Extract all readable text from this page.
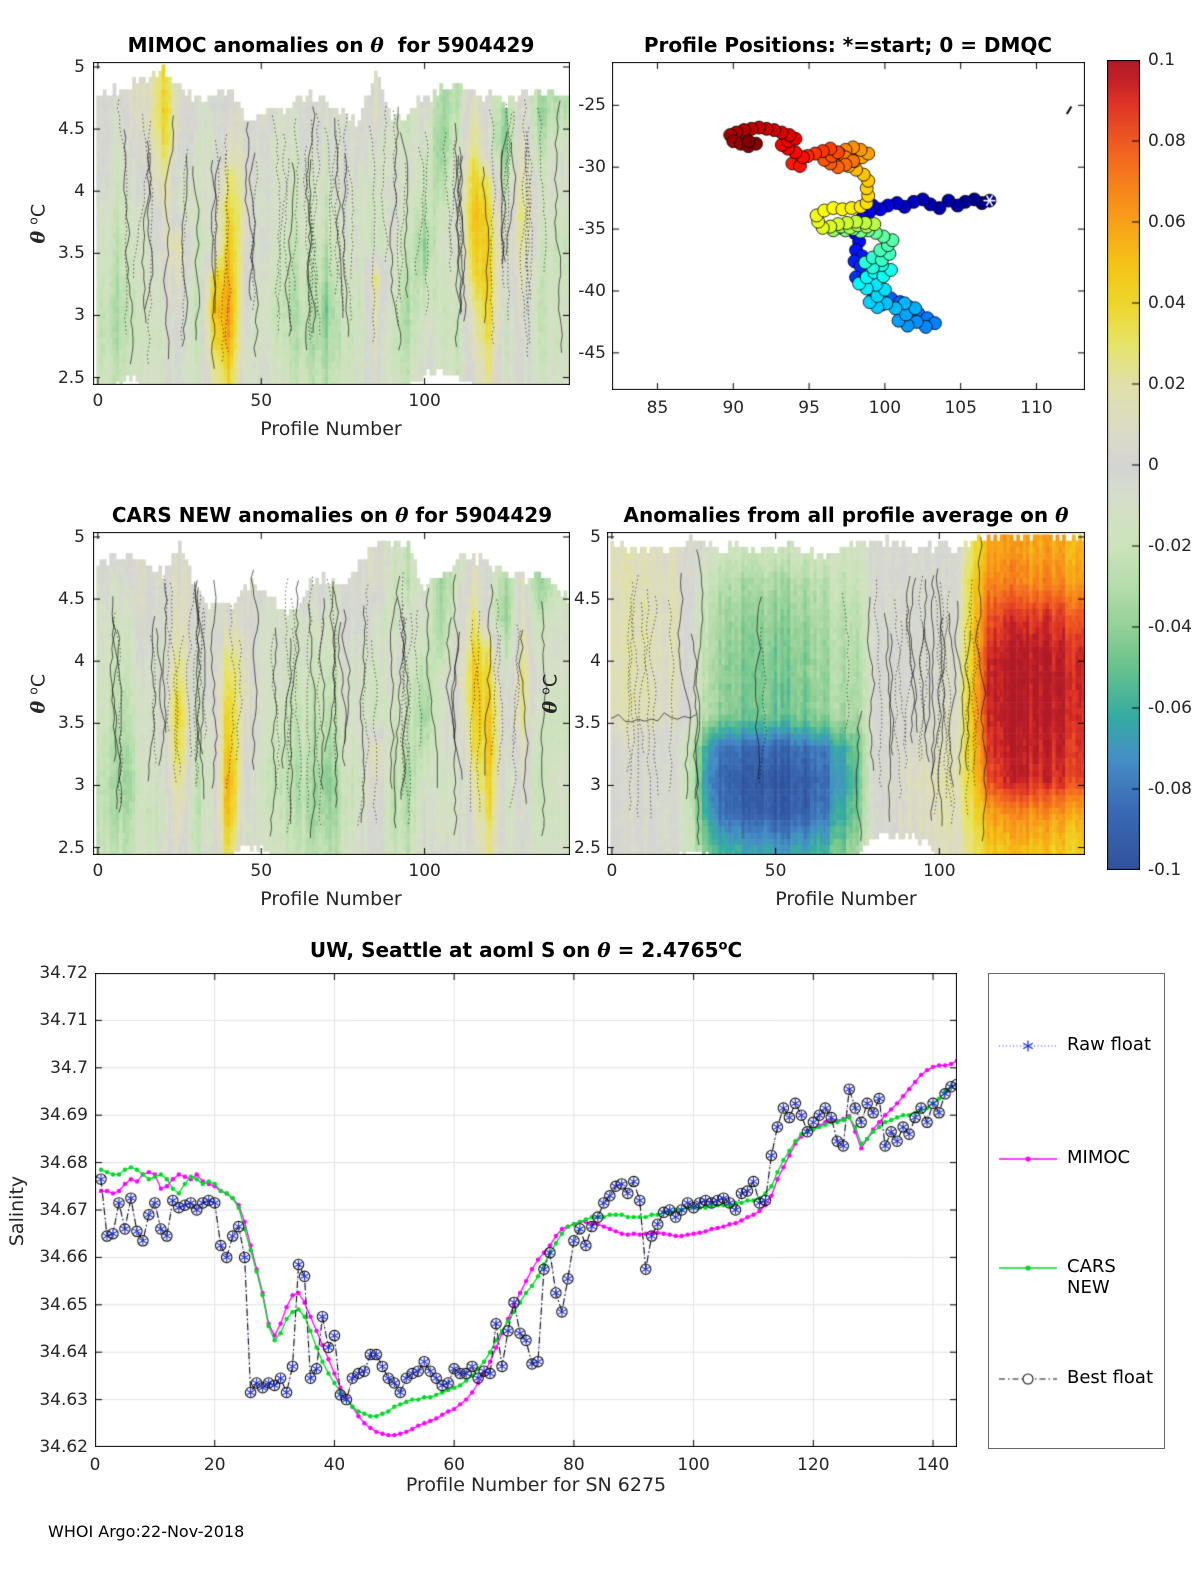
MIMOC anomalies on θ  for 5904429
θ $^o$C
Profile Number
Profile Positions: *=start; 0 = DMQC
CARS NEW anomalies on θ for 5904429
θ $^o$C
Profile Number
Anomalies from all profile average on θ
θ $^o$C
Profile Number
UW, Seattle at aoml S on $\theta = 2.4765^oC$
Salinity
Profile Number for SN 6275
Raw float
MIMOC
CARS NEW
Best float
WHOI Argo:22-Nov-2018
5
4.5
4
3.5
3
2.5
0	50	100
5
4.5
4
3.5
3
2.5
0	50	100
5
4.5
4
3.5
3
2.5
0	50	100
85	90	95	100	105	110
-25
-30
-35
-40
-45
0.1
0.08
0.06
0.04
0.02
0
-0.02
-0.04
-0.06
-0.08
-0.1
0	20	40	60	80	100	120	140
34.72
34.71
34.7
34.69
34.68
34.67
34.66
34.65
34.64
34.63
34.62
